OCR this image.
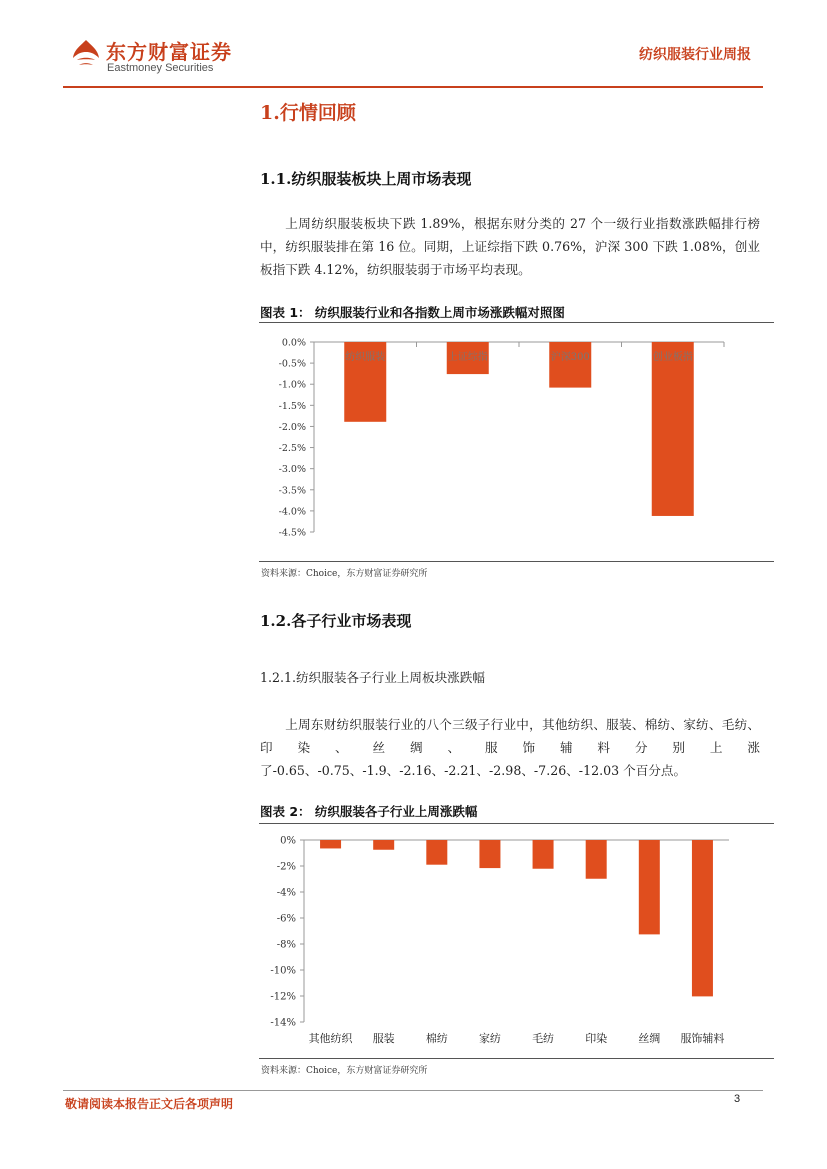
东方财富证券
Eastmoney Securities
纺织服装行业周报
1.行情回顾
1.1.纺织服装板块上周市场表现
上周纺织服装板块下跌 1.89%，根据东财分类的 27 个一级行业指数涨跌幅排行榜中，纺织服装排在第 16 位。同期，上证综指下跌 0.76%，沪深 300 下跌 1.08%，创业板指下跌 4.12%，纺织服装弱于市场平均表现。
图表 1： 纺织服装行业和各指数上周市场涨跌幅对照图
0.0%
-0.5%
-1.0%
-1.5%
-2.0%
-2.5%
-3.0%
-3.5%
-4.0%
-4.5%
纺织服装	上证综指	沪深300	创业板指
资料来源：Choice，东方财富证券研究所
1.2.各子行业市场表现
1.2.1.纺织服装各子行业上周板块涨跌幅
上周东财纺织服装行业的八个三级子行业中，其他纺织、服装、棉纺、家纺、毛纺、印染、丝绸、服饰辅料分别上涨了-0.65、-0.75、-1.9、-2.16、-2.21、-2.98、-7.26、-12.03 个百分点。
图表 2： 纺织服装各子行业上周涨跌幅
0%
-2%
-4%
-6%
-8%
-10%
-12%
-14%
其他纺织 服装	棉纺	家纺	毛纺	印染	丝绸 服饰辅料
资料来源：Choice，东方财富证券研究所
敬请阅读本报告正文后各项声明	3
